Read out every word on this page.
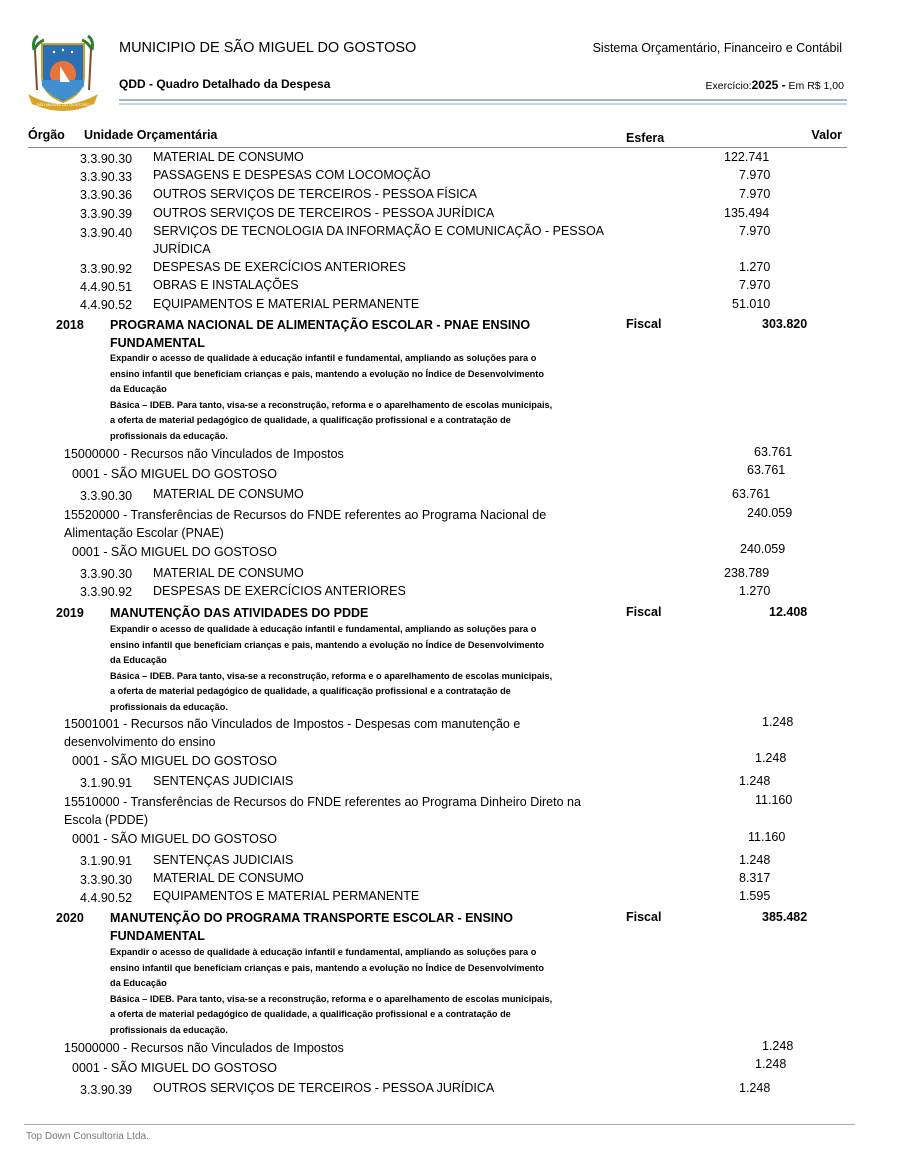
SÃO MIGUEL DO GOSTOSO
MUNICIPIO DE SÃO MIGUEL DO GOSTOSO	Sistema Orçamentário, Financeiro e Contábil
QDD - Quadro Detalhado da Despesa	Exercício:2025 - Em R$ 1,00
Órgão Unidade Orçamentária	Esfera	Valor
3.3.90.30 MATERIAL DE CONSUMO	122.741
3.3.90.33 PASSAGENS E DESPESAS COM LOCOMOÇÃO	7.970
3.3.90.36 OUTROS SERVIÇOS DE TERCEIROS - PESSOA FÍSICA	7.970
3.3.90.39 OUTROS SERVIÇOS DE TERCEIROS - PESSOA JURÍDICA	135.494
3.3.90.40 SERVIÇOS DE TECNOLOGIA DA INFORMAÇÃO E COMUNICAÇÃO - PESSOA
JURÍDICA
7.970
3.3.90.92 DESPESAS DE EXERCÍCIOS ANTERIORES	1.270
4.4.90.51 OBRAS E INSTALAÇÕES	7.970
4.4.90.52 EQUIPAMENTOS E MATERIAL PERMANENTE	51.010
2018 PROGRAMA NACIONAL DE ALIMENTAÇÃO ESCOLAR - PNAE ENSINO
FUNDAMENTAL
Fiscal	303.820
Expandir o acesso de qualidade à educação infantil e fundamental, ampliando as soluções para o
ensino infantil que beneficiam crianças e pais, mantendo a evolução no Índice de Desenvolvimento
da Educação
Básica – IDEB. Para tanto, visa-se a reconstrução, reforma e o aparelhamento de escolas municipais,
a oferta de material pedagógico de qualidade, a qualificação profissional e a contratação de
profissionais da educação.
15000000 - Recursos não Vinculados de Impostos	63.761
0001 - SÃO MIGUEL DO GOSTOSO	63.761
3.3.90.30 MATERIAL DE CONSUMO	63.761
15520000 - Transferências de Recursos do FNDE referentes ao Programa Nacional de
Alimentação Escolar (PNAE)
240.059
0001 - SÃO MIGUEL DO GOSTOSO	240.059
3.3.90.30 MATERIAL DE CONSUMO	238.789
3.3.90.92 DESPESAS DE EXERCÍCIOS ANTERIORES	1.270
2019 MANUTENÇÃO DAS ATIVIDADES DO PDDE	Fiscal	12.408
Expandir o acesso de qualidade à educação infantil e fundamental, ampliando as soluções para o
ensino infantil que beneficiam crianças e pais, mantendo a evolução no Índice de Desenvolvimento
da Educação
Básica – IDEB. Para tanto, visa-se a reconstrução, reforma e o aparelhamento de escolas municipais,
a oferta de material pedagógico de qualidade, a qualificação profissional e a contratação de
profissionais da educação.
15001001 - Recursos não Vinculados de Impostos - Despesas com manutenção e
desenvolvimento do ensino
1.248
0001 - SÃO MIGUEL DO GOSTOSO	1.248
3.1.90.91 SENTENÇAS JUDICIAIS	1.248
15510000 - Transferências de Recursos do FNDE referentes ao Programa Dinheiro Direto na
Escola (PDDE)
11.160
0001 - SÃO MIGUEL DO GOSTOSO	11.160
3.1.90.91 SENTENÇAS JUDICIAIS	1.248
3.3.90.30 MATERIAL DE CONSUMO	8.317
4.4.90.52 EQUIPAMENTOS E MATERIAL PERMANENTE	1.595
2020 MANUTENÇÃO DO PROGRAMA TRANSPORTE ESCOLAR - ENSINO
FUNDAMENTAL
Fiscal	385.482
Expandir o acesso de qualidade à educação infantil e fundamental, ampliando as soluções para o
ensino infantil que beneficiam crianças e pais, mantendo a evolução no Índice de Desenvolvimento
da Educação
Básica – IDEB. Para tanto, visa-se a reconstrução, reforma e o aparelhamento de escolas municipais,
a oferta de material pedagógico de qualidade, a qualificação profissional e a contratação de
profissionais da educação.
15000000 - Recursos não Vinculados de Impostos	1.248
0001 - SÃO MIGUEL DO GOSTOSO	1.248
3.3.90.39 OUTROS SERVIÇOS DE TERCEIROS - PESSOA JURÍDICA	1.248
Top Down Consultoria Ltda.
